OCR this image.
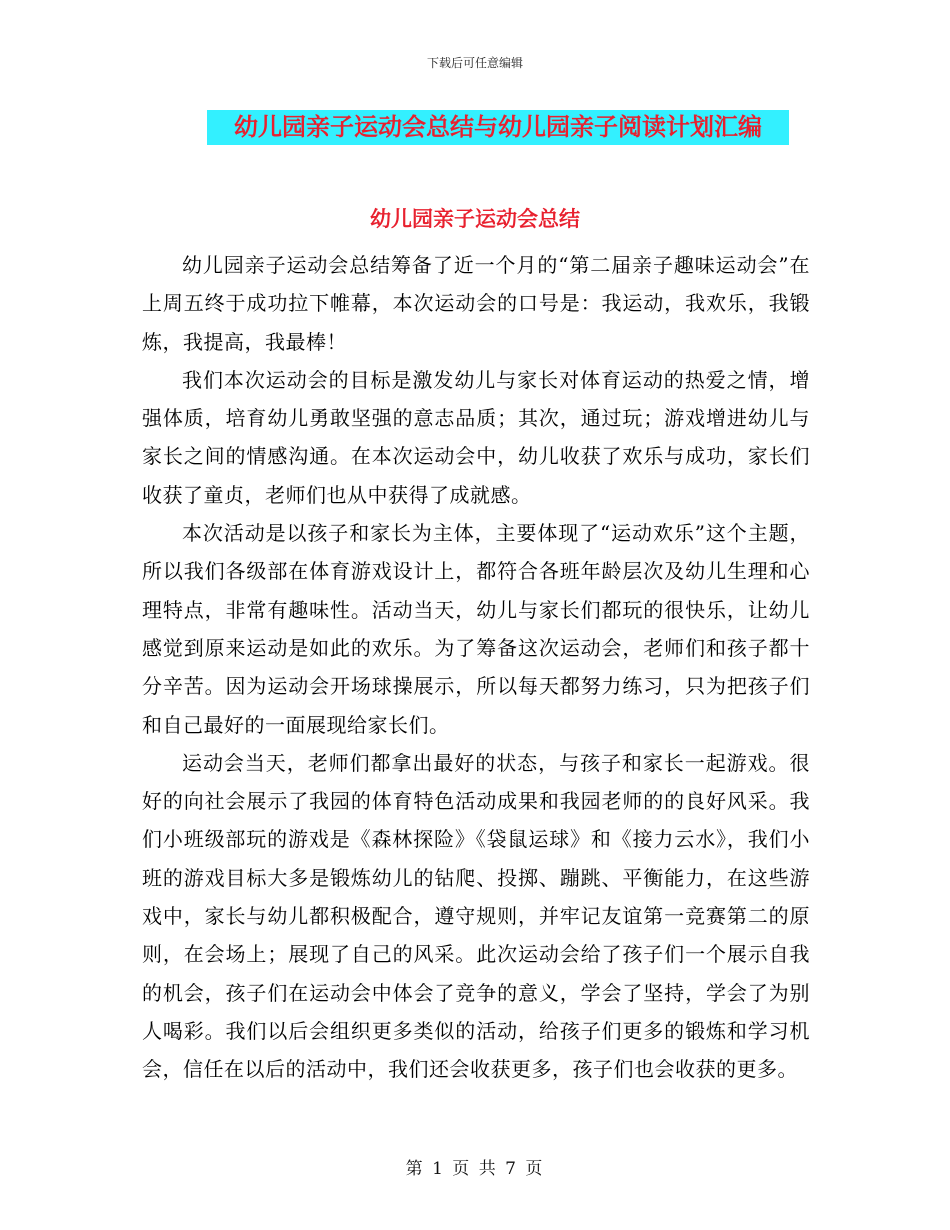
下载后可任意编辑
幼儿园亲子运动会总结与幼儿园亲子阅读计划汇编
幼儿园亲子运动会总结

幼儿园亲子运动会总结筹备了近一个月的“第二届亲子趣味运动会”在上周五终于成功拉下帷幕，本次运动会的口号是：我运动，我欢乐，我锻炼，我提高，我最棒！

我们本次运动会的目标是激发幼儿与家长对体育运动的热爱之情，增强体质，培育幼儿勇敢坚强的意志品质；其次，通过玩；游戏增进幼儿与家长之间的情感沟通。在本次运动会中，幼儿收获了欢乐与成功，家长们收获了童贞，老师们也从中获得了成就感。

本次活动是以孩子和家长为主体，主要体现了“运动欢乐”这个主题，所以我们各级部在体育游戏设计上，都符合各班年龄层次及幼儿生理和心理特点，非常有趣味性。活动当天，幼儿与家长们都玩的很快乐，让幼儿感觉到原来运动是如此的欢乐。为了筹备这次运动会，老师们和孩子都十分辛苦。因为运动会开场球操展示，所以每天都努力练习，只为把孩子们和自己最好的一面展现给家长们。

运动会当天，老师们都拿出最好的状态，与孩子和家长一起游戏。很好的向社会展示了我园的体育特色活动成果和我园老师的的良好风采。我们小班级部玩的游戏是《森林探险》《袋鼠运球》和《接力云水》，我们小班的游戏目标大多是锻炼幼儿的钻爬、投掷、蹦跳、平衡能力，在这些游戏中，家长与幼儿都积极配合，遵守规则，并牢记友谊第一竞赛第二的原则，在会场上；展现了自己的风采。此次运动会给了孩子们一个展示自我的机会，孩子们在运动会中体会了竞争的意义，学会了坚持，学会了为别人喝彩。我们以后会组织更多类似的活动，给孩子们更多的锻炼和学习机会，信任在以后的活动中，我们还会收获更多，孩子们也会收获的更多。

第 1 页 共 7 页
